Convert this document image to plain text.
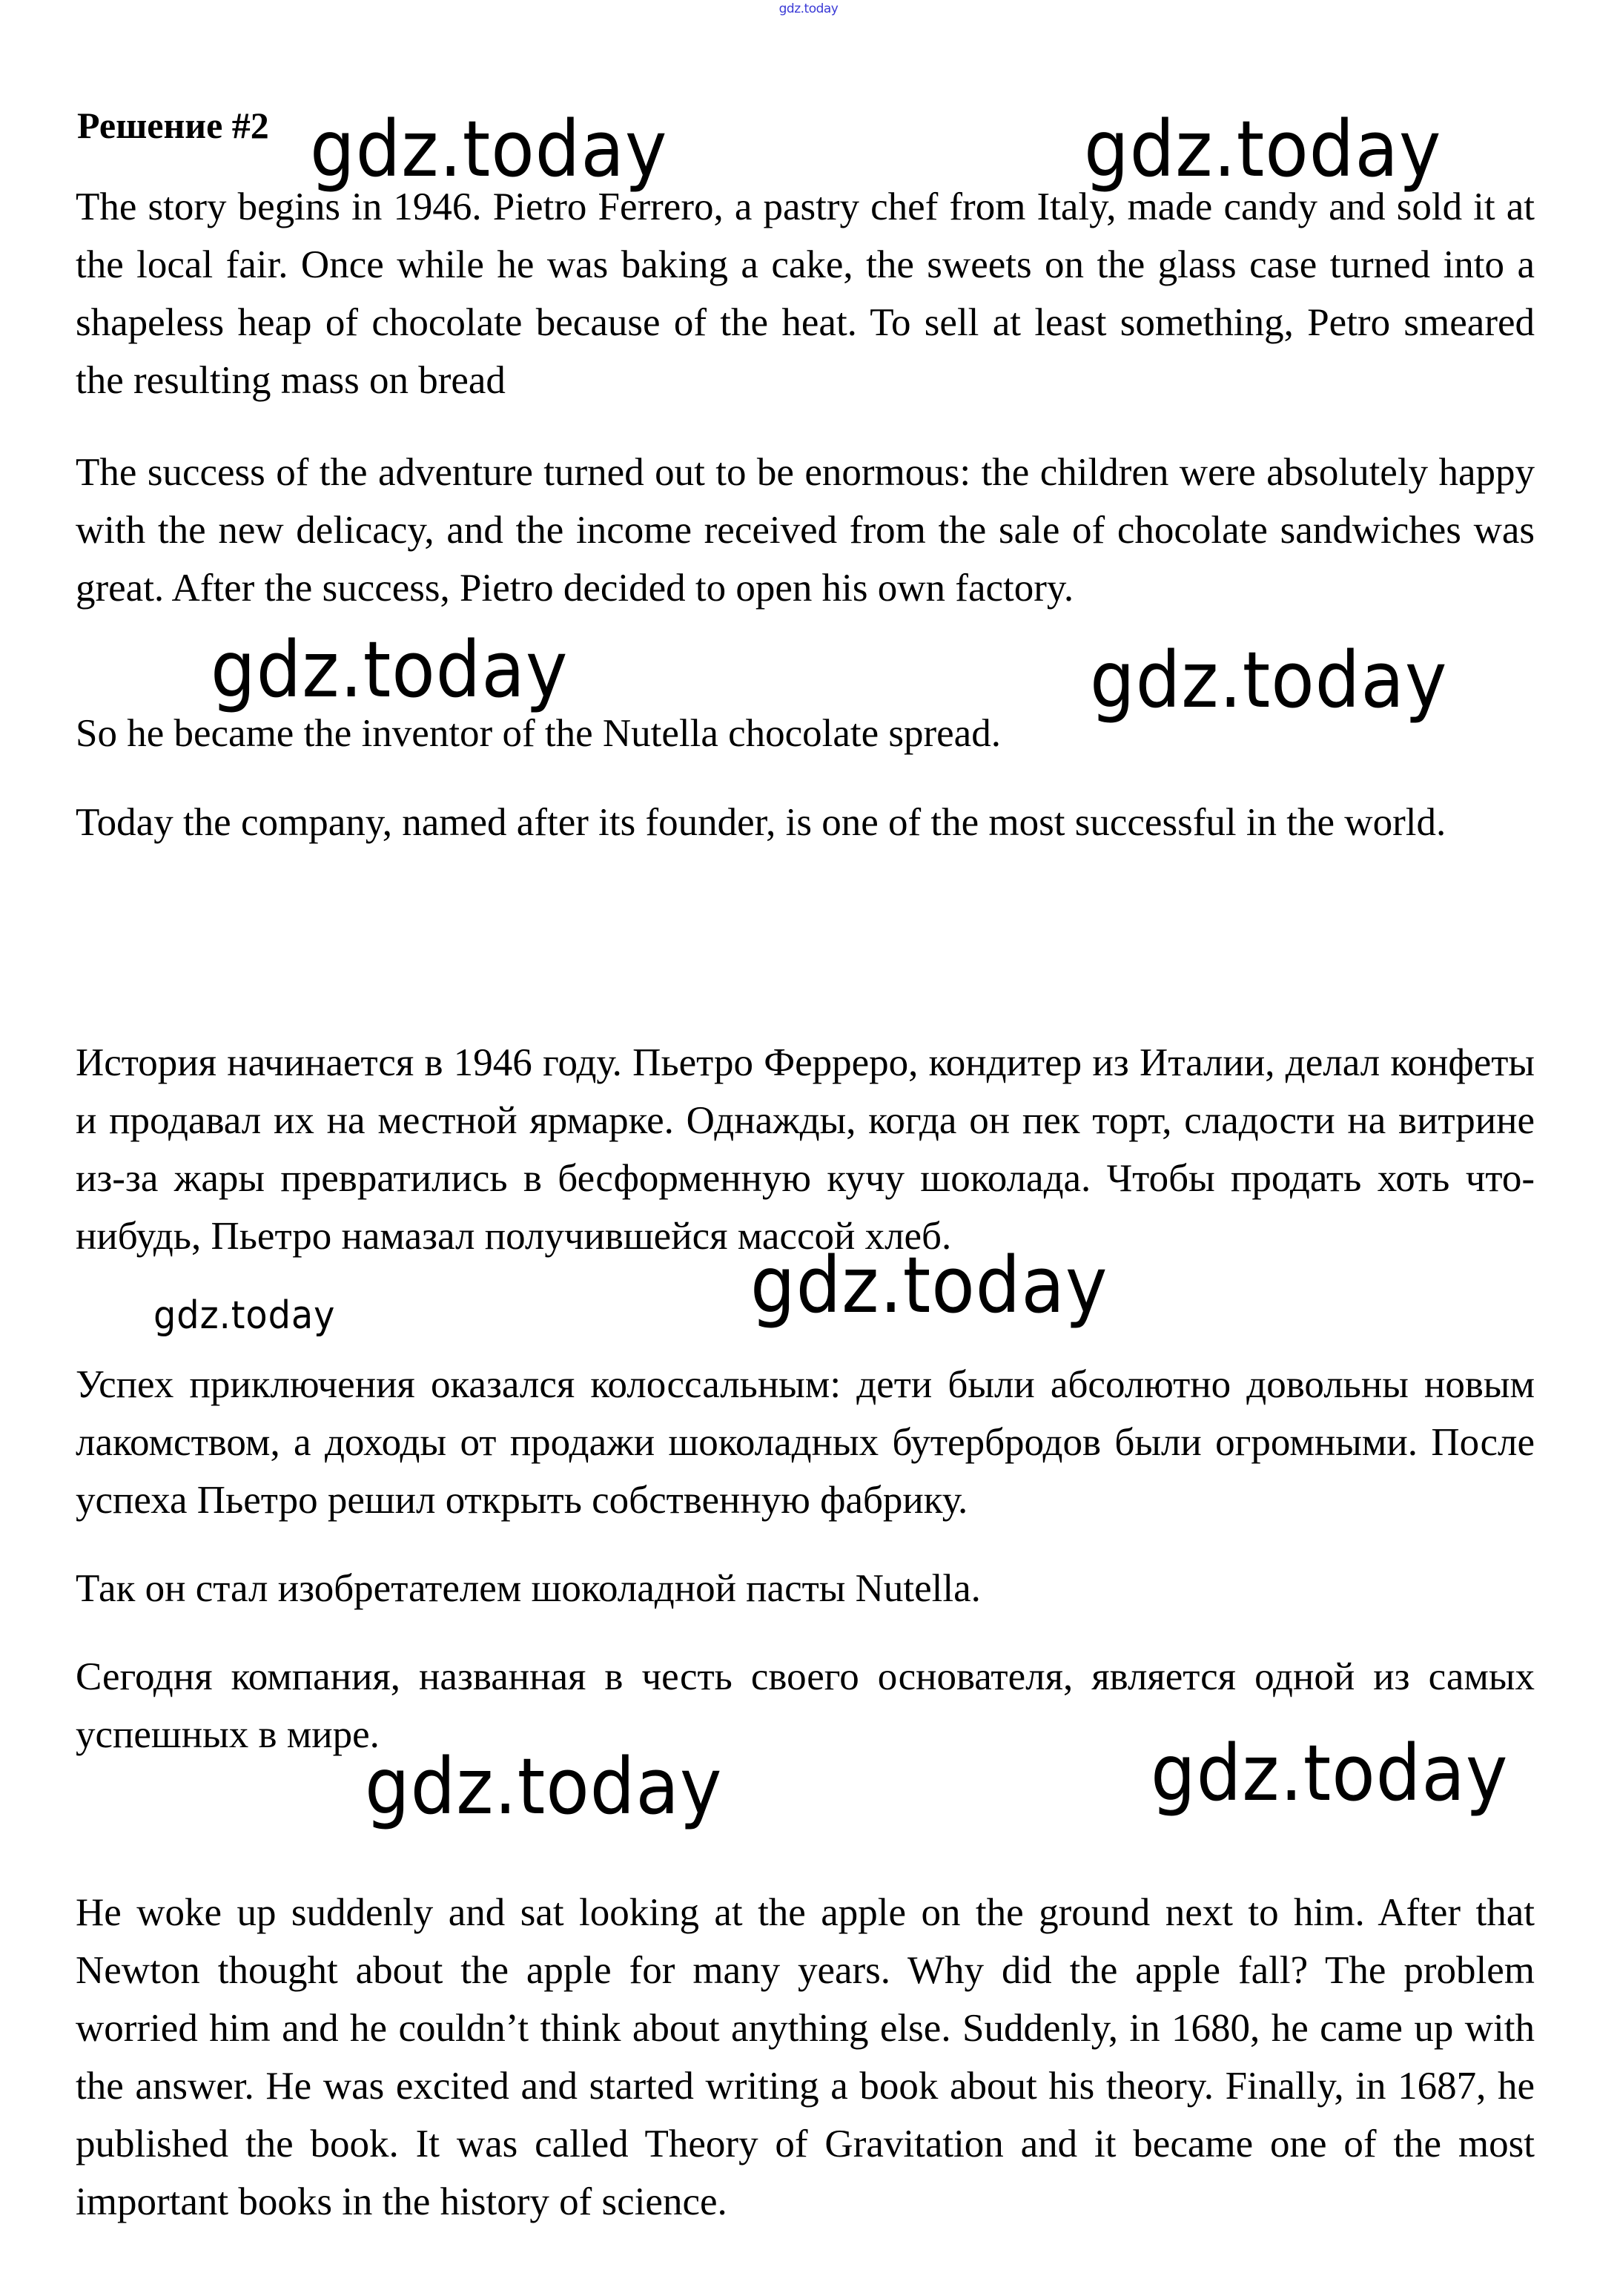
gdz.today
Решение #2

The story begins in 1946. Pietro Ferrero, a pastry chef from Italy, made candy and sold it at the local fair. Once while he was baking a cake, the sweets on the glass case turned into a shapeless heap of chocolate because of the heat. To sell at least something, Petro smeared the resulting mass on bread

The success of the adventure turned out to be enormous: the children were absolutely happy with the new delicacy, and the income received from the sale of chocolate sandwiches was great. After the success, Pietro decided to open his own factory.

So he became the inventor of the Nutella chocolate spread.

Today the company, named after its founder, is one of the most successful in the world.

История начинается в 1946 году. Пьетро Ферреро, кондитер из Италии, делал конфеты и продавал их на местной ярмарке. Однажды, когда он пек торт, сладости на витрине из-за жары превратились в бесформенную кучу шоколада. Чтобы продать хоть что-нибудь, Пьетро намазал получившейся массой хлеб.

Успех приключения оказался колоссальным: дети были абсолютно довольны новым лакомством, а доходы от продажи шоколадных бутербродов были огромными. После успеха Пьетро решил открыть собственную фабрику.

Так он стал изобретателем шоколадной пасты Nutella.

Сегодня компания, названная в честь своего основателя, является одной из самых успешных в мире.

He woke up suddenly and sat looking at the apple on the ground next to him. After that Newton thought about the apple for many years. Why did the apple fall? The problem worried him and he couldn’t think about anything else. Suddenly, in 1680, he came up with the answer. He was excited and started writing a book about his theory. Finally, in 1687, he published the book. It was called Theory of Gravitation and it became one of the most important books in the history of science.

gdz.today	gdz.today
gdz.today	gdz.today
gdz.today
gdz.today
gdz.today	gdz.today
